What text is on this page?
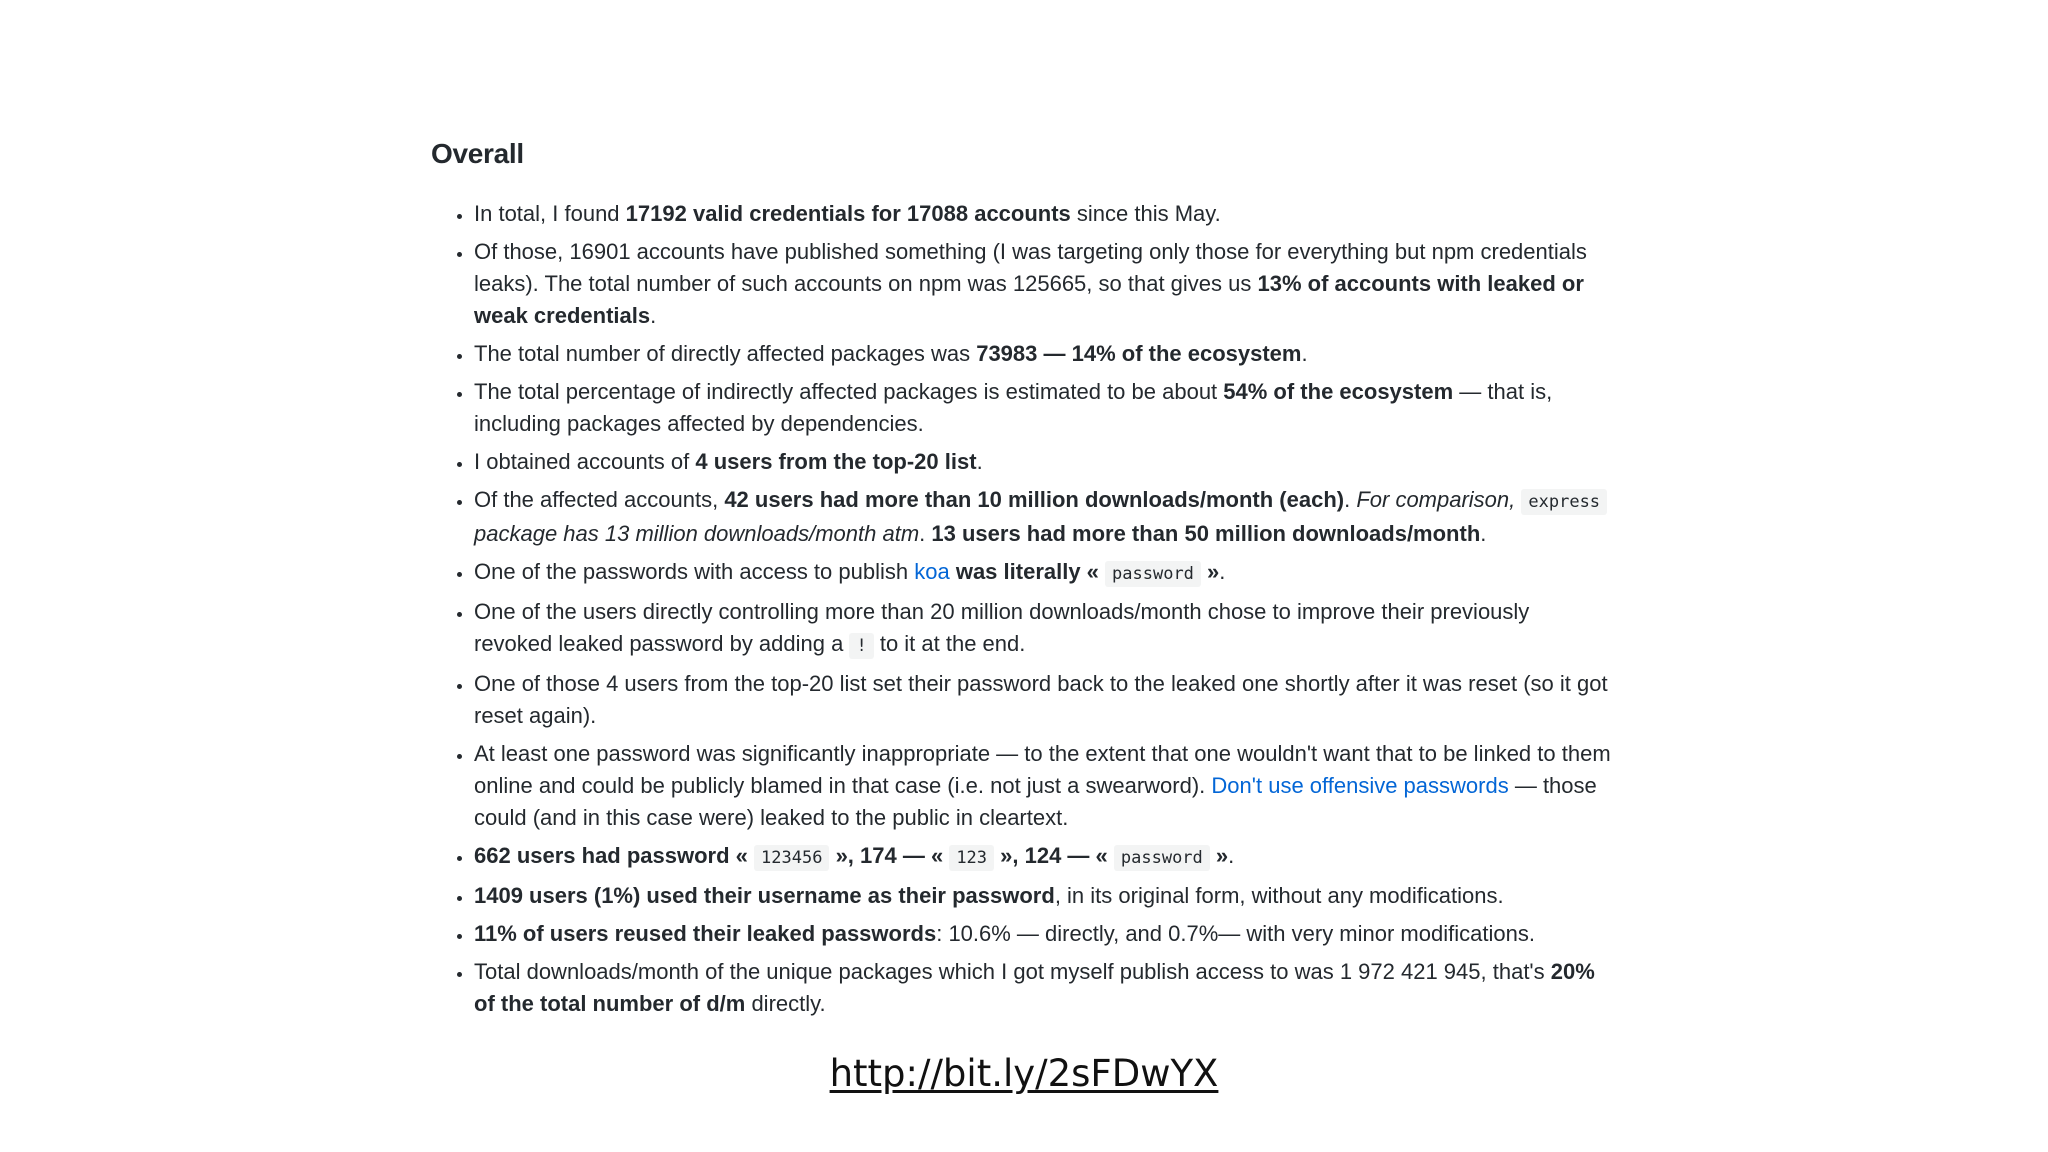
Overall
• In total, I found 17192 valid credentials for 17088 accounts since this May.
• Of those, 16901 accounts have published something (I was targeting only those for everything but npm credentials leaks). The total number of such accounts on npm was 125665, so that gives us 13% of accounts with leaked or weak credentials.
• The total number of directly affected packages was 73983 — 14% of the ecosystem.
• The total percentage of indirectly affected packages is estimated to be about 54% of the ecosystem — that is, including packages affected by dependencies.
• I obtained accounts of 4 users from the top-20 list.
• Of the affected accounts, 42 users had more than 10 million downloads/month (each). For comparison, express package has 13 million downloads/month atm. 13 users had more than 50 million downloads/month.
• One of the passwords with access to publish koa was literally « password ».
• One of the users directly controlling more than 20 million downloads/month chose to improve their previously revoked leaked password by adding a ! to it at the end.
• One of those 4 users from the top-20 list set their password back to the leaked one shortly after it was reset (so it got reset again).
• At least one password was significantly inappropriate — to the extent that one wouldn't want that to be linked to them online and could be publicly blamed in that case (i.e. not just a swearword). Don't use offensive passwords — those could (and in this case were) leaked to the public in cleartext.
• 662 users had password « 123456 », 174 — « 123 », 124 — « password ».
• 1409 users (1%) used their username as their password, in its original form, without any modifications.
• 11% of users reused their leaked passwords: 10.6% — directly, and 0.7%— with very minor modifications.
• Total downloads/month of the unique packages which I got myself publish access to was 1 972 421 945, that's 20% of the total number of d/m directly.
http://bit.ly/2sFDwYX
